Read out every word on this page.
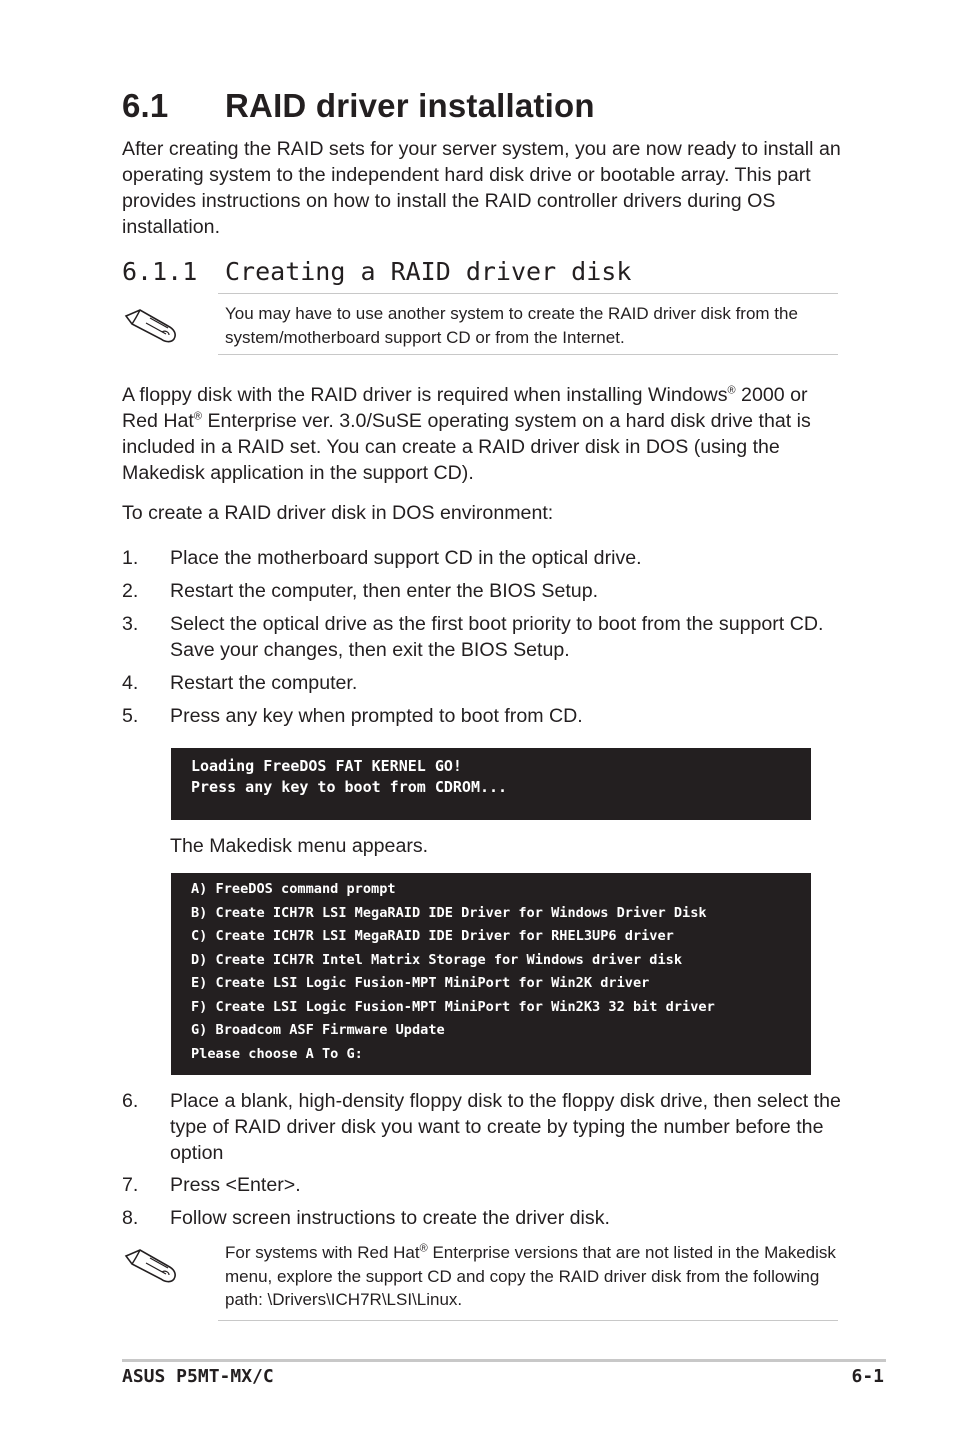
6.1 RAID driver installation

After creating the RAID sets for your server system, you are now ready to install an operating system to the independent hard disk drive or bootable array. This part provides instructions on how to install the RAID controller drivers during OS installation.

6.1.1 Creating a RAID driver disk

You may have to use another system to create the RAID driver disk from the system/motherboard support CD or from the Internet.

A floppy disk with the RAID driver is required when installing Windows® 2000 or Red Hat® Enterprise ver. 3.0/SuSE operating system on a hard disk drive that is included in a RAID set. You can create a RAID driver disk in DOS (using the Makedisk application in the support CD).

To create a RAID driver disk in DOS environment:

1. Place the motherboard support CD in the optical drive.
2. Restart the computer, then enter the BIOS Setup.
3. Select the optical drive as the first boot priority to boot from the support CD. Save your changes, then exit the BIOS Setup.
4. Restart the computer.
5. Press any key when prompted to boot from CD.
Loading FreeDOS FAT KERNEL GO!
Press any key to boot from CDROM...

The Makedisk menu appears.

A) FreeDOS command prompt
B) Create ICH7R LSI MegaRAID IDE Driver for Windows Driver Disk
C) Create ICH7R LSI MegaRAID IDE Driver for RHEL3UP6 driver
D) Create ICH7R Intel Matrix Storage for Windows driver disk
E) Create LSI Logic Fusion-MPT MiniPort for Win2K driver
F) Create LSI Logic Fusion-MPT MiniPort for Win2K3 32 bit driver
G) Broadcom ASF Firmware Update
Please choose A To G:
6. Place a blank, high-density floppy disk to the floppy disk drive, then select the type of RAID driver disk you want to create by typing the number before the option
7. Press <Enter>.
8. Follow screen instructions to create the driver disk.

For systems with Red Hat® Enterprise versions that are not listed in the Makedisk menu, explore the support CD and copy the RAID driver disk from the following path: \Drivers\ICH7R\LSI\Linux.

ASUS P5MT-MX/C	6-1
